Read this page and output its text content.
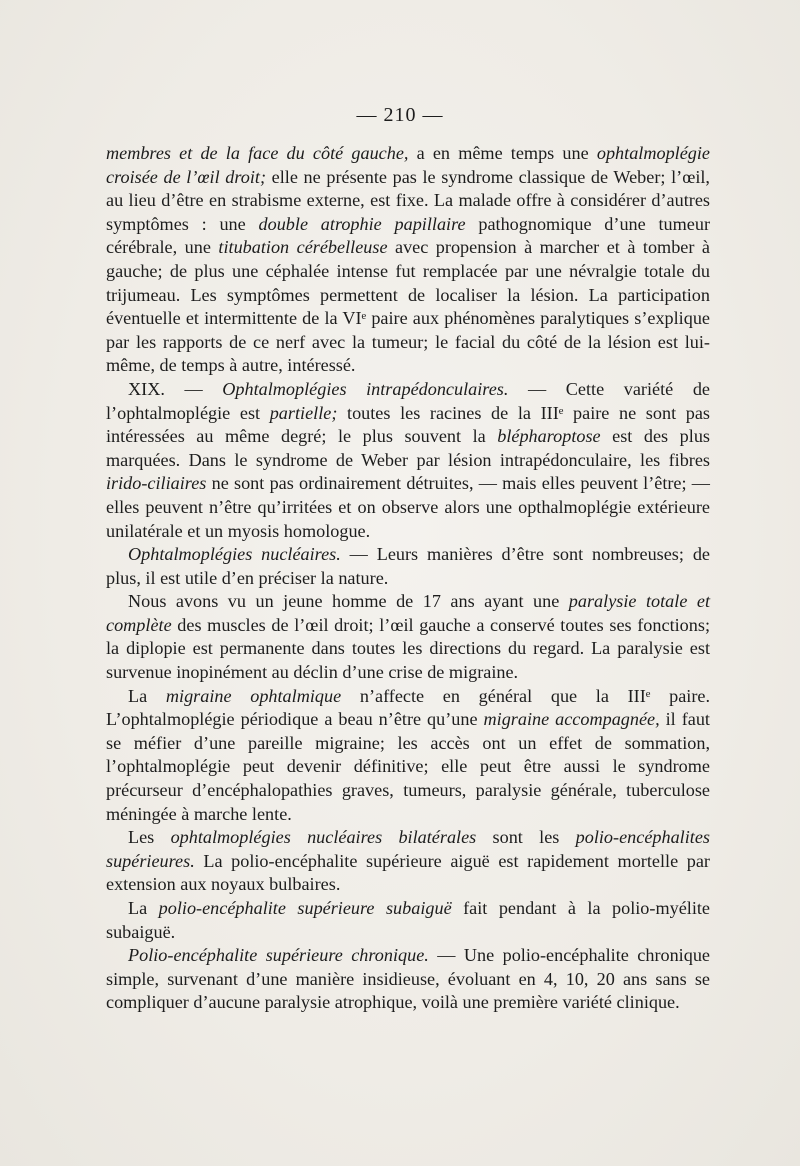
— 210 —

membres et de la face du côté gauche, a en même temps une ophtalmoplégie croisée de l’œil droit; elle ne présente pas le syndrome classique de Weber; l’œil, au lieu d’être en strabisme externe, est fixe. La malade offre à considérer d’autres symptômes : une double atrophie papillaire pathognomique d’une tumeur cérébrale, une titubation cérébelleuse avec propension à marcher et à tomber à gauche; de plus une céphalée intense fut remplacée par une névralgie totale du trijumeau. Les symptômes permettent de localiser la lésion. La participation éventuelle et intermittente de la VIᵉ paire aux phénomènes paralytiques s’explique par les rapports de ce nerf avec la tumeur; le facial du côté de la lésion est lui-même, de temps à autre, intéressé.

XIX. — Ophtalmoplégies intrapédonculaires. — Cette variété de l’ophtalmoplégie est partielle; toutes les racines de la IIIᵉ paire ne sont pas intéressées au même degré; le plus souvent la blépharoptose est des plus marquées. Dans le syndrome de Weber par lésion intrapédonculaire, les fibres irido-ciliaires ne sont pas ordinairement détruites, — mais elles peuvent l’être; — elles peuvent n’être qu’irritées et on observe alors une opthalmoplégie extérieure unilatérale et un myosis homologue.

Ophtalmoplégies nucléaires. — Leurs manières d’être sont nombreuses; de plus, il est utile d’en préciser la nature.

Nous avons vu un jeune homme de 17 ans ayant une paralysie totale et complète des muscles de l’œil droit; l’œil gauche a conservé toutes ses fonctions; la diplopie est permanente dans toutes les directions du regard. La paralysie est survenue inopinément au déclin d’une crise de migraine.

La migraine ophtalmique n’affecte en général que la IIIᵉ paire. L’ophtalmoplégie périodique a beau n’être qu’une migraine accompagnée, il faut se méfier d’une pareille migraine; les accès ont un effet de sommation, l’ophtalmoplégie peut devenir définitive; elle peut être aussi le syndrome précurseur d’encéphalopathies graves, tumeurs, paralysie générale, tuberculose méningée à marche lente.

Les ophtalmoplégies nucléaires bilatérales sont les polio-encéphalites supérieures. La polio-encéphalite supérieure aiguë est rapidement mortelle par extension aux noyaux bulbaires.

La polio-encéphalite supérieure subaiguë fait pendant à la polio-myélite subaiguë.

Polio-encéphalite supérieure chronique. — Une polio-encéphalite chronique simple, survenant d’une manière insidieuse, évoluant en 4, 10, 20 ans sans se compliquer d’aucune paralysie atrophique, voilà une première variété clinique.
